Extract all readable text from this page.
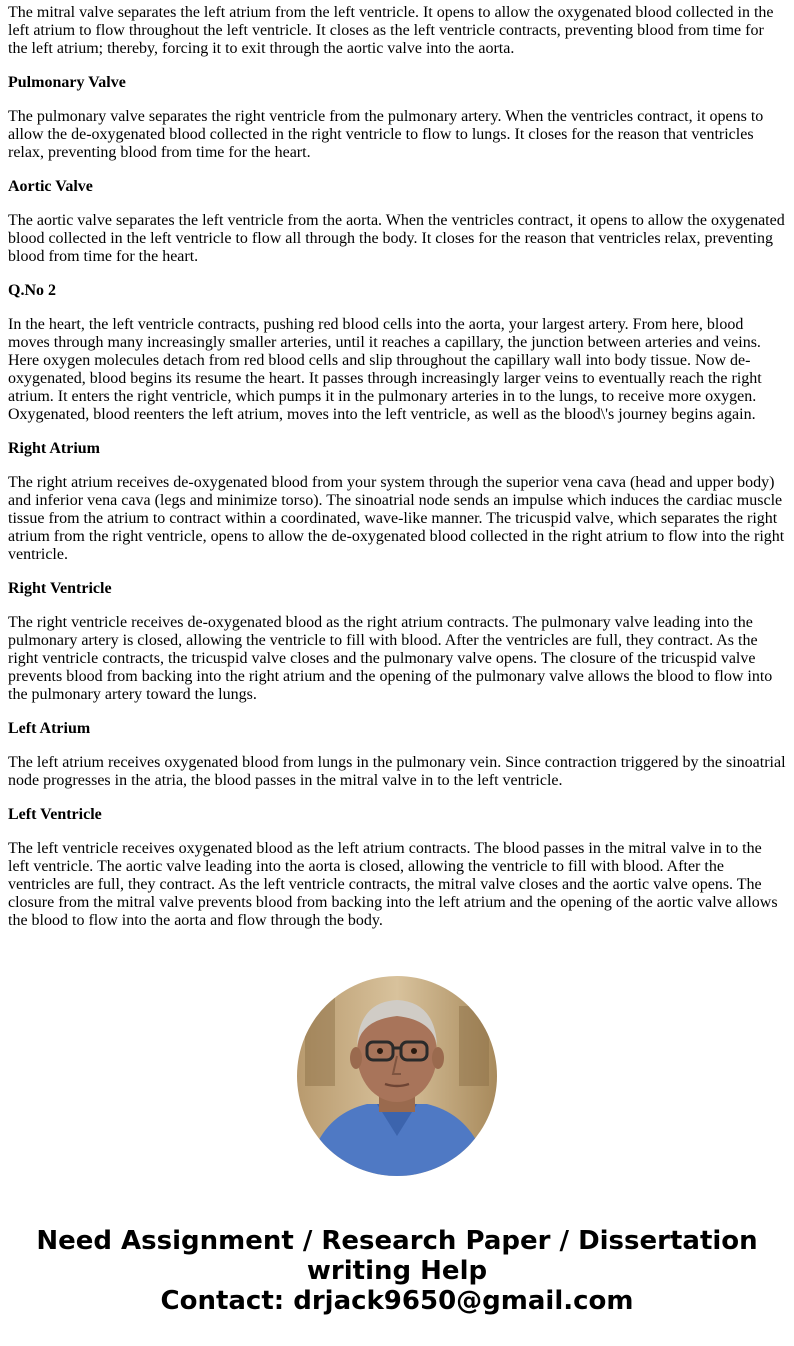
The mitral valve separates the left atrium from the left ventricle. It opens to allow the oxygenated blood collected in the left atrium to flow throughout the left ventricle. It closes as the left ventricle contracts, preventing blood from time for the left atrium; thereby, forcing it to exit through the aortic valve into the aorta.

Pulmonary Valve

The pulmonary valve separates the right ventricle from the pulmonary artery. When the ventricles contract, it opens to allow the de-oxygenated blood collected in the right ventricle to flow to lungs. It closes for the reason that ventricles relax, preventing blood from time for the heart.

Aortic Valve

The aortic valve separates the left ventricle from the aorta. When the ventricles contract, it opens to allow the oxygenated blood collected in the left ventricle to flow all through the body. It closes for the reason that ventricles relax, preventing blood from time for the heart.

Q.No 2

In the heart, the left ventricle contracts, pushing red blood cells into the aorta, your largest artery. From here, blood moves through many increasingly smaller arteries, until it reaches a capillary, the junction between arteries and veins. Here oxygen molecules detach from red blood cells and slip throughout the capillary wall into body tissue. Now de-oxygenated, blood begins its resume the heart. It passes through increasingly larger veins to eventually reach the right atrium. It enters the right ventricle, which pumps it in the pulmonary arteries in to the lungs, to receive more oxygen. Oxygenated, blood reenters the left atrium, moves into the left ventricle, as well as the blood\'s journey begins again.

Right Atrium

The right atrium receives de-oxygenated blood from your system through the superior vena cava (head and upper body) and inferior vena cava (legs and minimize torso). The sinoatrial node sends an impulse which induces the cardiac muscle tissue from the atrium to contract within a coordinated, wave-like manner. The tricuspid valve, which separates the right atrium from the right ventricle, opens to allow the de-oxygenated blood collected in the right atrium to flow into the right ventricle.

Right Ventricle

The right ventricle receives de-oxygenated blood as the right atrium contracts. The pulmonary valve leading into the pulmonary artery is closed, allowing the ventricle to fill with blood. After the ventricles are full, they contract. As the right ventricle contracts, the tricuspid valve closes and the pulmonary valve opens. The closure of the tricuspid valve prevents blood from backing into the right atrium and the opening of the pulmonary valve allows the blood to flow into the pulmonary artery toward the lungs.

Left Atrium

The left atrium receives oxygenated blood from lungs in the pulmonary vein. Since contraction triggered by the sinoatrial node progresses in the atria, the blood passes in the mitral valve in to the left ventricle.

Left Ventricle

The left ventricle receives oxygenated blood as the left atrium contracts. The blood passes in the mitral valve in to the left ventricle. The aortic valve leading into the aorta is closed, allowing the ventricle to fill with blood. After the ventricles are full, they contract. As the left ventricle contracts, the mitral valve closes and the aortic valve opens. The closure from the mitral valve prevents blood from backing into the left atrium and the opening of the aortic valve allows the blood to flow into the aorta and flow through the body.

Need Assignment / Research Paper / Dissertation
writing Help
Contact: drjack9650@gmail.com
